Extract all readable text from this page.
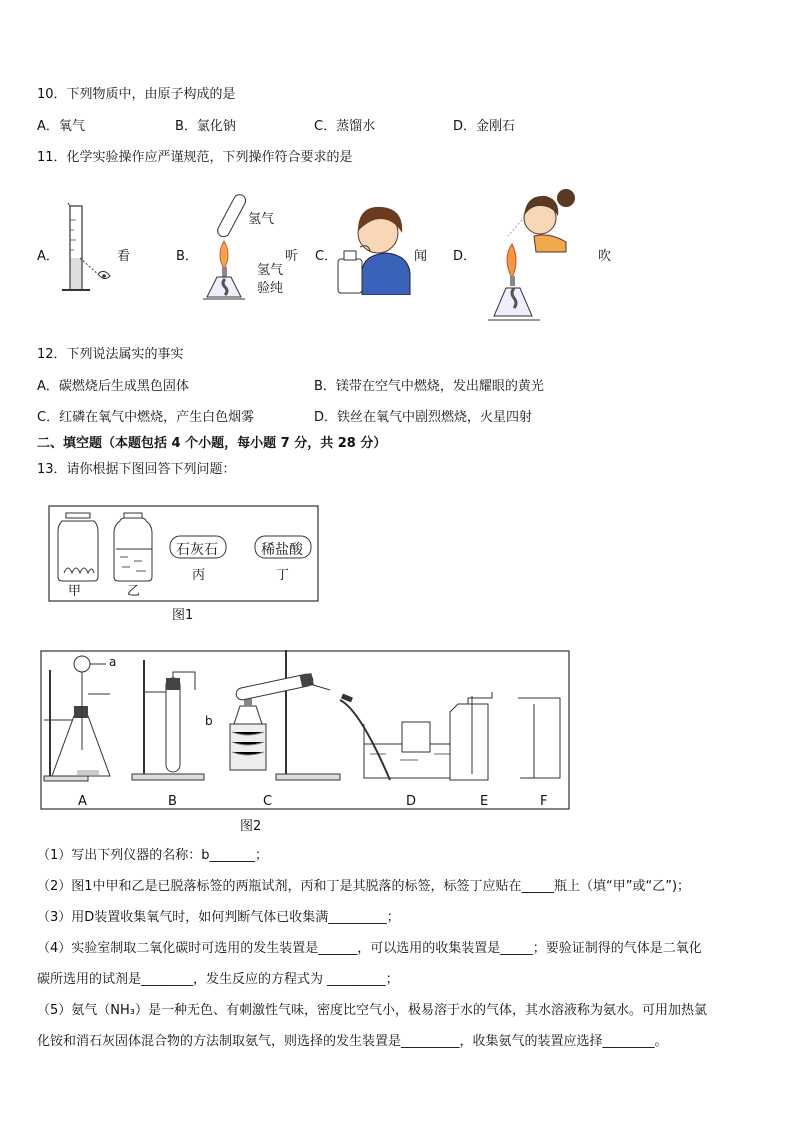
10．下列物质中，由原子构成的是
A．氧气	B．氯化钠	C．蒸馏水	D．金刚石
11．化学实验操作应严谨规范，下列操作符合要求的是
A．	看	B．
氢气
听
氢气
验纯
C．	闻 D．	吹
12．下列说法属实的事实
A．碳燃烧后生成黑色固体	B．镁带在空气中燃烧，发出耀眼的黄光
C．红磷在氧气中燃烧，产生白色烟雾	D．铁丝在氧气中剧烈燃烧，火星四射
二、填空题（本题包括 4 个小题，每小题 7 分，共 28 分）
13．请你根据下图回答下列问题：
石灰石	稀盐酸
甲	乙
丙	丁
图1
a
b
A	B	C	D	E	F
图2
（1）写出下列仪器的名称：b_______；
（2）图1中甲和乙是已脱落标签的两瓶试剂，丙和丁是其脱落的标签，标签丁应贴在_____瓶上（填“甲”或“乙”)；
（3）用D装置收集氧气时，如何判断气体已收集满_________；
（4）实验室制取二氧化碳时可选用的发生装置是______，可以选用的收集装置是_____；要验证制得的气体是二氧化
碳所选用的试剂是________，发生反应的方程式为 _________；
（5）氨气（NH₃）是一种无色、有刺激性气味，密度比空气小，极易溶于水的气体，其水溶液称为氨水。可用加热氯
化铵和消石灰固体混合物的方法制取氨气，则选择的发生装置是_________，收集氨气的装置应选择________。
